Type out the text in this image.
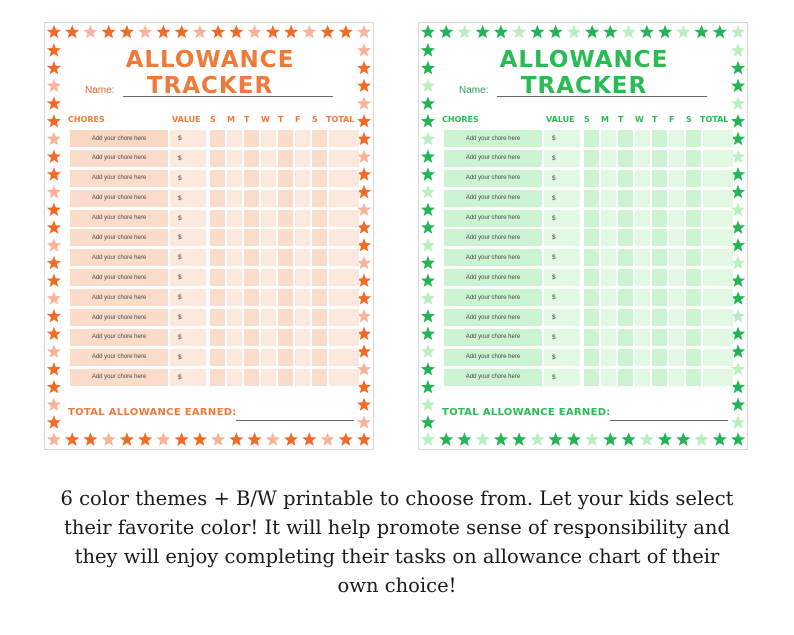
ALLOWANCE TRACKER
Name:
CHORES	VALUE S M T W T F S TOTAL
Add your chore here	$
Add your chore here	$
Add your chore here	$
Add your chore here	$
Add your chore here	$
Add your chore here	$
Add your chore here	$
Add your chore here	$
Add your chore here	$
Add your chore here	$
Add your chore here	$
Add your chore here	$
Add your chore here	$
TOTAL ALLOWANCE EARNED:
ALLOWANCE TRACKER
Name:
CHORES	VALUE S M T W T F S TOTAL
Add your chore here	$
Add your chore here	$
Add your chore here	$
Add your chore here	$
Add your chore here	$
Add your chore here	$
Add your chore here	$
Add your chore here	$
Add your chore here	$
Add your chore here	$
Add your chore here	$
Add your chore here	$
Add your chore here	$
TOTAL ALLOWANCE EARNED:
6 color themes + B/W printable to choose from. Let your kids select
their favorite color! It will help promote sense of responsibility and
they will enjoy completing their tasks on allowance chart of their
own choice!
